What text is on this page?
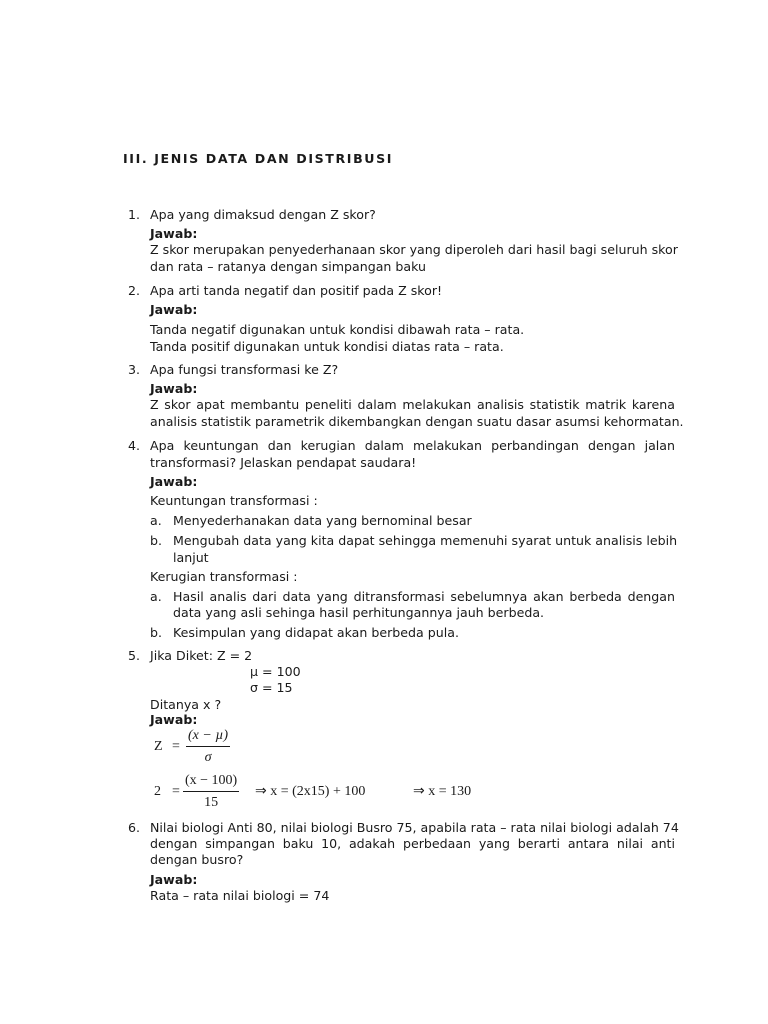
III. JENIS DATA DAN DISTRIBUSI
1. Apa yang dimaksud dengan Z skor?
Jawab:
Z skor merupakan penyederhanaan skor yang diperoleh dari hasil bagi seluruh skor
dan rata – ratanya dengan simpangan baku
2. Apa arti tanda negatif dan positif pada Z skor!
Jawab:
Tanda negatif digunakan untuk kondisi dibawah rata – rata.
Tanda positif digunakan untuk kondisi diatas rata – rata.
3. Apa fungsi transformasi ke Z?
Jawab:
Z skor apat membantu peneliti dalam melakukan analisis statistik matrik karena
analisis statistik parametrik dikembangkan dengan suatu dasar asumsi kehormatan.
4. Apa keuntungan dan kerugian dalam melakukan perbandingan dengan jalan
transformasi? Jelaskan pendapat saudara!
Jawab:
Keuntungan transformasi :
a. Menyederhanakan data yang bernominal besar
b. Mengubah data yang kita dapat sehingga memenuhi syarat untuk analisis lebih
lanjut
Kerugian transformasi :
a. Hasil analis dari data yang ditransformasi sebelumnya akan berbeda dengan
data yang asli sehinga hasil perhitungannya jauh berbeda.
b. Kesimpulan yang didapat akan berbeda pula.
5. Jika Diket: Z = 2
µ = 100
σ = 15
Ditanya x ?
Jawab:
Z =
(x − µ)
σ
$2 = \frac{(x - 100)}{15}$ ⇒ x = (2x15) + 100	⇒ x = 130
6. Nilai biologi Anti 80, nilai biologi Busro 75, apabila rata – rata nilai biologi adalah 74
dengan simpangan baku 10, adakah perbedaan yang berarti antara nilai anti
dengan busro?
Jawab:
Rata – rata nilai biologi = 74
